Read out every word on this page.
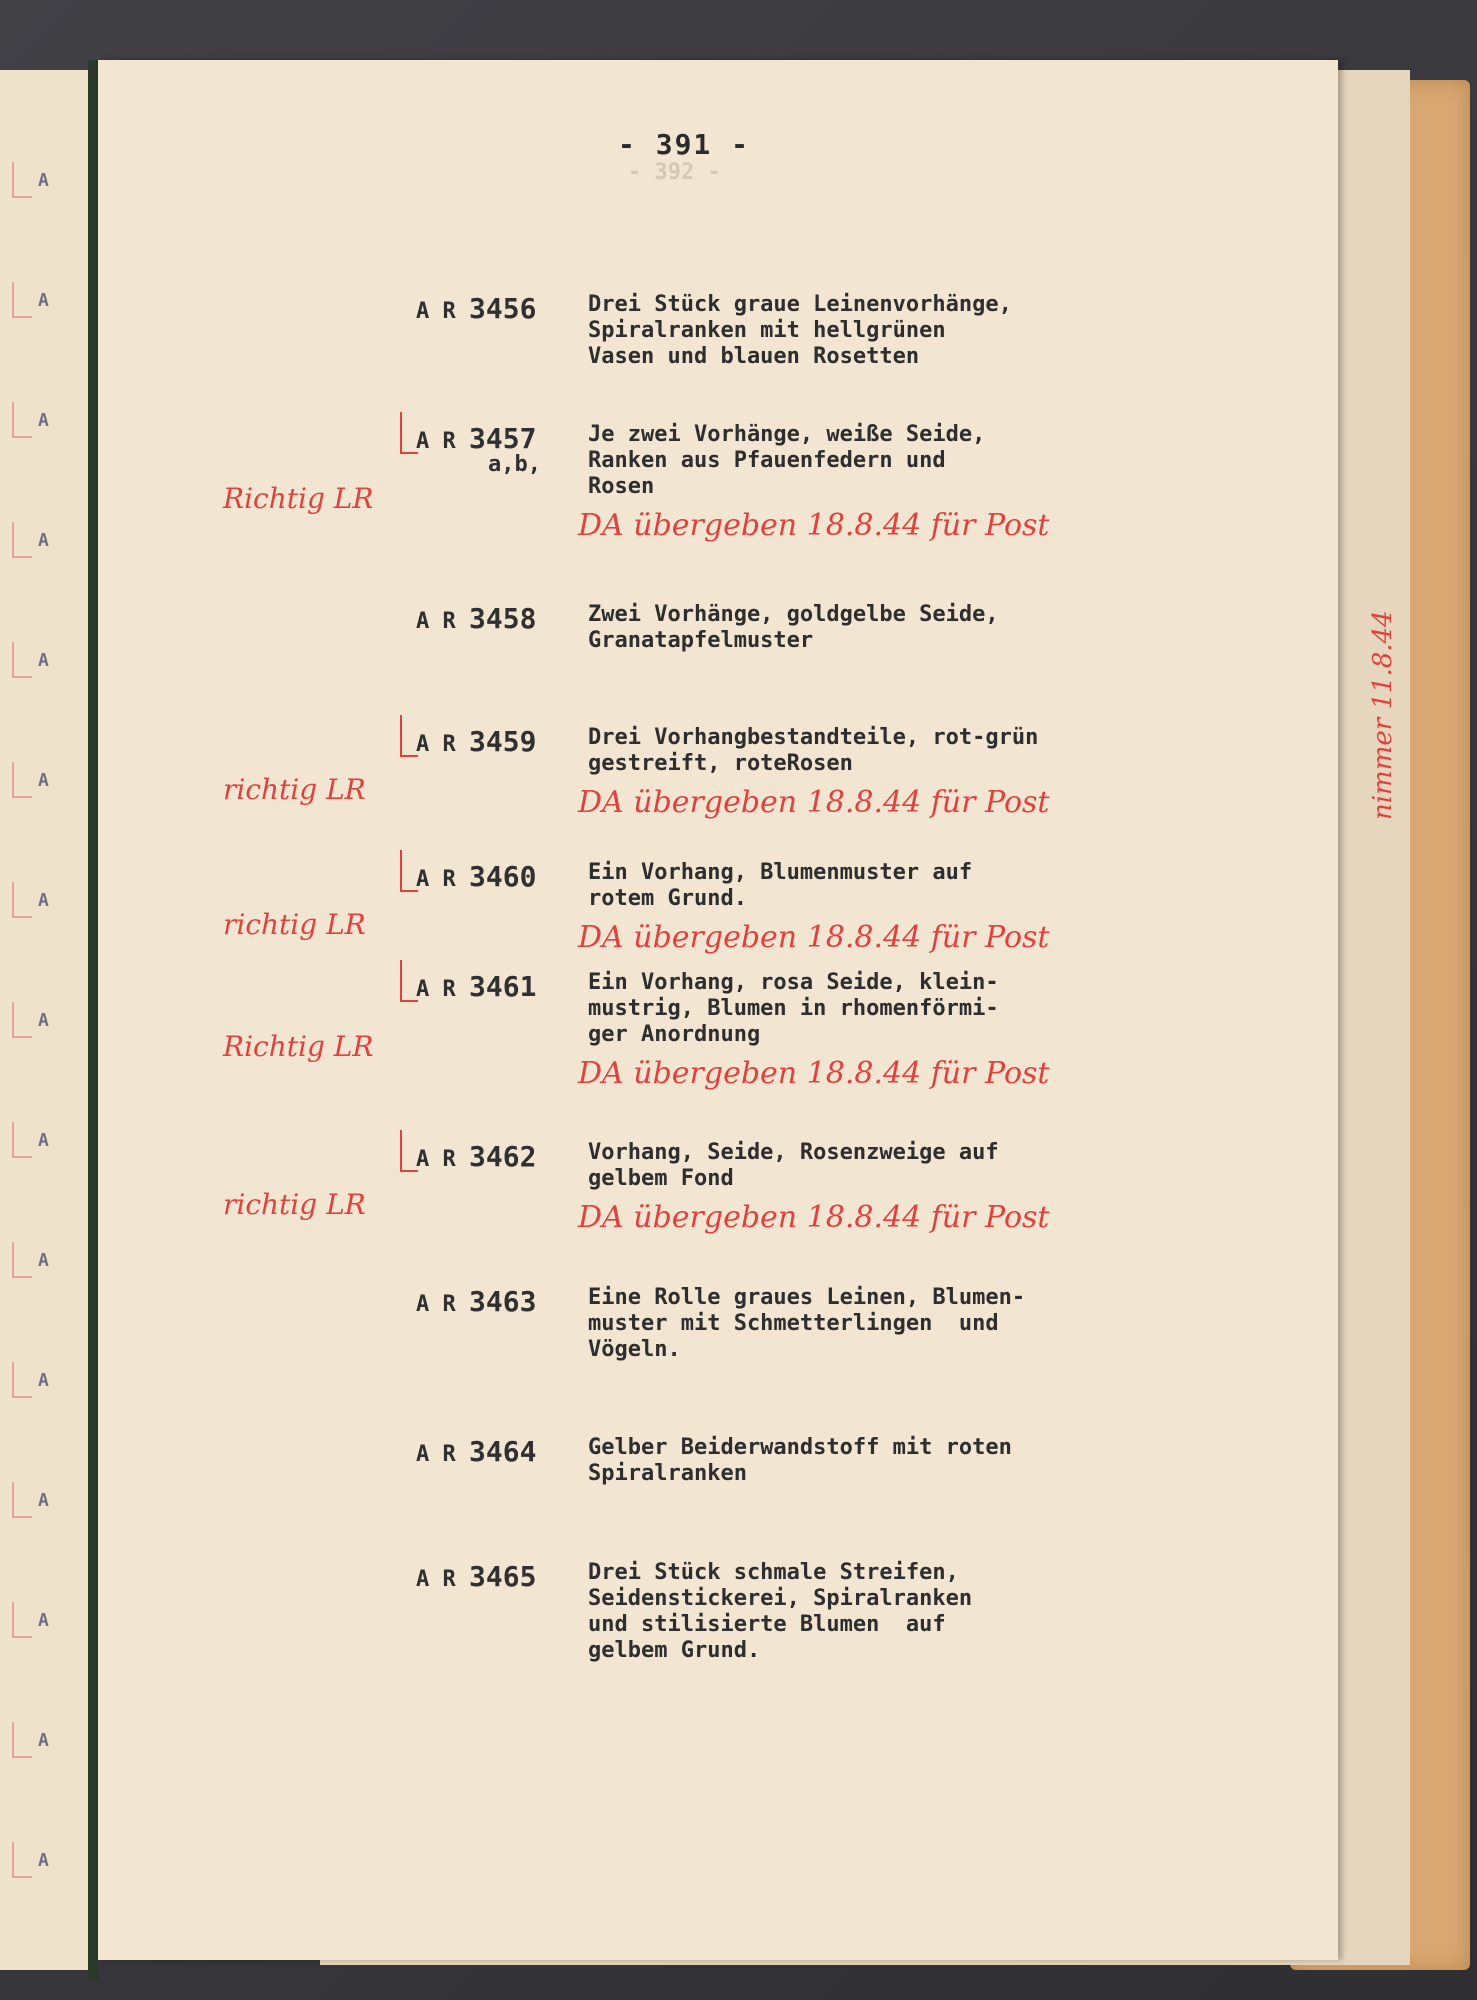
A
A
A
A
A
A
A
A
A
A
A
A
A
A
A
- 392 -
- 391 -
A R 3456 Drei Stück graue Leinenvorhänge,
Spiralranken mit hellgrünen
Vasen und blauen Rosetten
A R 3457
a,b,
Je zwei Vorhänge, weiße Seide,
Ranken aus Pfauenfedern und
Rosen
Richtig LR
DA übergeben 18.8.44 für Post
A R 3458 Zwei Vorhänge, goldgelbe Seide,
Granatapfelmuster
A R 3459 Drei Vorhangbestandteile, rot-grün
gestreift, roteRosen
richtig LR	DA übergeben 18.8.44 für Post
A R 3460 Ein Vorhang, Blumenmuster auf
rotem Grund.
richtig LR	DA übergeben 18.8.44 für Post
A R 3461 Ein Vorhang, rosa Seide, klein-
mustrig, Blumen in rhomenförmi-
ger Anordnung
Richtig LR
DA übergeben 18.8.44 für Post
A R 3462 Vorhang, Seide, Rosenzweige auf
gelbem Fond
richtig LR	DA übergeben 18.8.44 für Post
A R 3463 Eine Rolle graues Leinen, Blumen-
muster mit Schmetterlingen  und
Vögeln.
A R 3464 Gelber Beiderwandstoff mit roten
Spiralranken
A R 3465 Drei Stück schmale Streifen,
Seidenstickerei, Spiralranken
und stilisierte Blumen  auf
gelbem Grund.
nimmer 11.8.44
